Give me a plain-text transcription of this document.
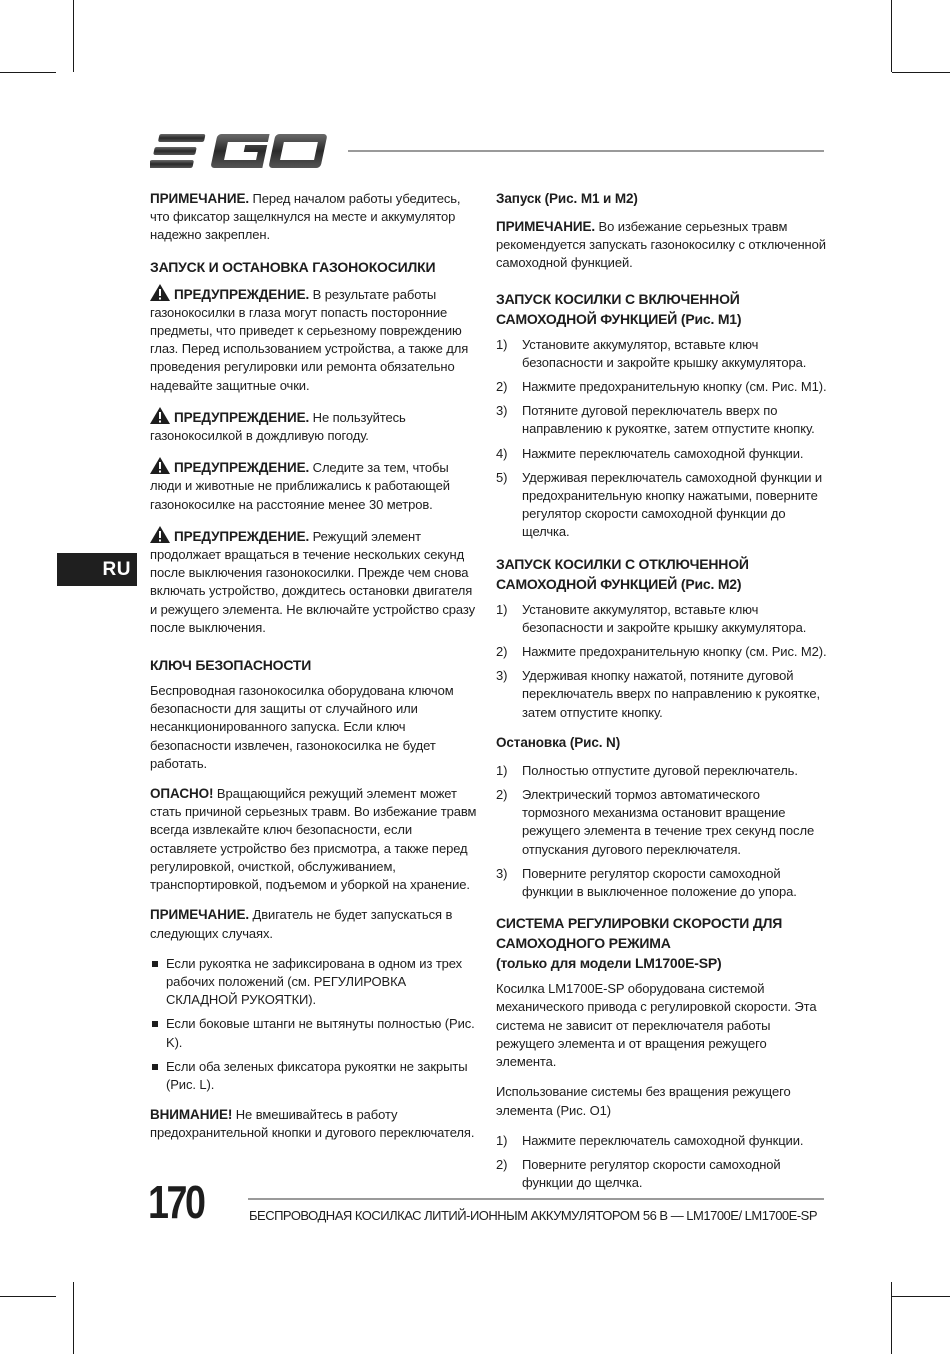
RU

ПРИМЕЧАНИЕ. Перед началом работы убедитесь, что фиксатор защелкнулся на месте и аккумулятор надежно закреплен.

ЗАПУСК И ОСТАНОВКА ГАЗОНОКОСИЛКИ

ПРЕДУПРЕЖДЕНИЕ. В результате работы газонокосилки в глаза могут попасть посторонние предметы, что приведет к серьезному повреждению глаз. Перед использованием устройства, а также для проведения регулировки или ремонта обязательно надевайте защитные очки.

ПРЕДУПРЕЖДЕНИЕ. Не пользуйтесь газонокосилкой в дождливую погоду.

ПРЕДУПРЕЖДЕНИЕ. Следите за тем, чтобы люди и животные не приближались к работающей газонокосилке на расстояние менее 30 метров.

ПРЕДУПРЕЖДЕНИЕ. Режущий элемент продолжает вращаться в течение нескольких секунд после выключения газонокосилки. Прежде чем снова включать устройство, дождитесь остановки двигателя и режущего элемента. Не включайте устройство сразу после выключения.

КЛЮЧ БЕЗОПАСНОСТИ

Беспроводная газонокосилка оборудована ключом безопасности для защиты от случайного или несанкционированного запуска. Если ключ безопасности извлечен, газонокосилка не будет работать.

ОПАСНО! Вращающийся режущий элемент может стать причиной серьезных травм. Во избежание травм всегда извлекайте ключ безопасности, если оставляете устройство без присмотра, а также перед регулировкой, очисткой, обслуживанием, транспортировкой, подъемом и уборкой на хранение.

ПРИМЕЧАНИЕ. Двигатель не будет запускаться в следующих случаях.

Если рукоятка не зафиксирована в одном из трех рабочих положений (см. РЕГУЛИРОВКА СКЛАДНОЙ РУКОЯТКИ).
Если боковые штанги не вытянуты полностью (Рис. K).
Если оба зеленых фиксатора рукоятки не закрыты (Рис. L).

ВНИМАНИЕ! Не вмешивайтесь в работу предохранительной кнопки и дугового переключателя.

Запуск (Рис. M1 и M2)

ПРИМЕЧАНИЕ. Во избежание серьезных травм рекомендуется запускать газонокосилку с отключенной самоходной функцией.

ЗАПУСК КОСИЛКИ С ВКЛЮЧЕННОЙ САМОХОДНОЙ ФУНКЦИЕЙ (Рис. M1)
1) Установите аккумулятор, вставьте ключ безопасности и закройте крышку аккумулятора.
2) Нажмите предохранительную кнопку (см. Рис. M1).
3) Потяните дуговой переключатель вверх по направлению к рукоятке, затем отпустите кнопку.
4) Нажмите переключатель самоходной функции.
5) Удерживая переключатель самоходной функции и предохранительную кнопку нажатыми, поверните регулятор скорости самоходной функции до щелчка.
ЗАПУСК КОСИЛКИ С ОТКЛЮЧЕННОЙ САМОХОДНОЙ ФУНКЦИЕЙ (Рис. M2)
1) Установите аккумулятор, вставьте ключ безопасности и закройте крышку аккумулятора.
2) Нажмите предохранительную кнопку (см. Рис. M2).
3) Удерживая кнопку нажатой, потяните дуговой переключатель вверх по направлению к рукоятке, затем отпустите кнопку.
Остановка (Рис. N)
1) Полностью отпустите дуговой переключатель.
2) Электрический тормоз автоматического тормозного механизма остановит вращение режущего элемента в течение трех секунд после отпускания дугового переключателя.
3) Поверните регулятор скорости самоходной функции в выключенное положение до упора.
СИСТЕМА РЕГУЛИРОВКИ СКОРОСТИ ДЛЯ САМОХОДНОГО РЕЖИМА
(только для модели LM1700E-SP)

Косилка LM1700E-SP оборудована системой механического привода с регулировкой скорости. Эта система не зависит от переключателя работы режущего элемента и от вращения режущего элемента.

Использование системы без вращения режущего элемента (Рис. O1)

1) Нажмите переключатель самоходной функции.
2) Поверните регулятор скорости самоходной функции до щелчка.
170	БЕСПРОВОДНАЯ КОСИЛКАС ЛИТИЙ-ИОННЫМ АККУМУЛЯТОРОМ 56 В — LM1700E/ LM1700E-SP
